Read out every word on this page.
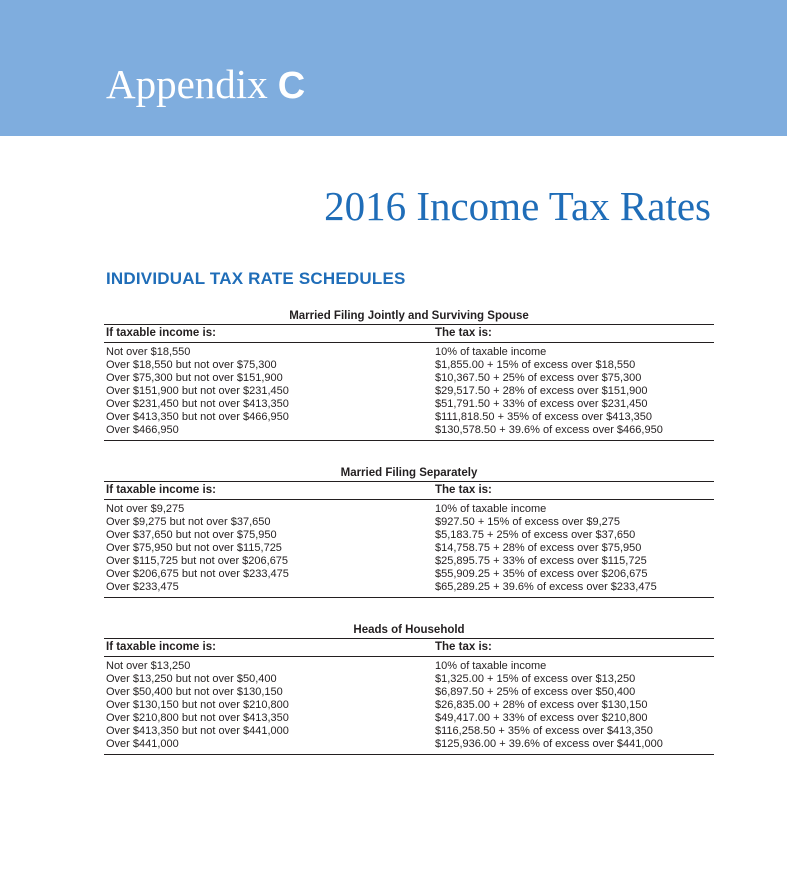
Appendix C
2016 Income Tax Rates
INDIVIDUAL TAX RATE SCHEDULES
Married Filing Jointly and Surviving Spouse
If taxable income is:	The tax is:
Not over $18,550	10% of taxable income
Over $18,550 but not over $75,300	$1,855.00 + 15% of excess over $18,550
Over $75,300 but not over $151,900	$10,367.50 + 25% of excess over $75,300
Over $151,900 but not over $231,450	$29,517.50 + 28% of excess over $151,900
Over $231,450 but not over $413,350	$51,791.50 + 33% of excess over $231,450
Over $413,350 but not over $466,950	$111,818.50 + 35% of excess over $413,350
Over $466,950	$130,578.50 + 39.6% of excess over $466,950
Married Filing Separately
If taxable income is:	The tax is:
Not over $9,275	10% of taxable income
Over $9,275 but not over $37,650	$927.50 + 15% of excess over $9,275
Over $37,650 but not over $75,950	$5,183.75 + 25% of excess over $37,650
Over $75,950 but not over $115,725	$14,758.75 + 28% of excess over $75,950
Over $115,725 but not over $206,675	$25,895.75 + 33% of excess over $115,725
Over $206,675 but not over $233,475	$55,909.25 + 35% of excess over $206,675
Over $233,475	$65,289.25 + 39.6% of excess over $233,475
Heads of Household
If taxable income is:	The tax is:
Not over $13,250	10% of taxable income
Over $13,250 but not over $50,400	$1,325.00 + 15% of excess over $13,250
Over $50,400 but not over $130,150	$6,897.50 + 25% of excess over $50,400
Over $130,150 but not over $210,800	$26,835.00 + 28% of excess over $130,150
Over $210,800 but not over $413,350	$49,417.00 + 33% of excess over $210,800
Over $413,350 but not over $441,000	$116,258.50 + 35% of excess over $413,350
Over $441,000	$125,936.00 + 39.6% of excess over $441,000
